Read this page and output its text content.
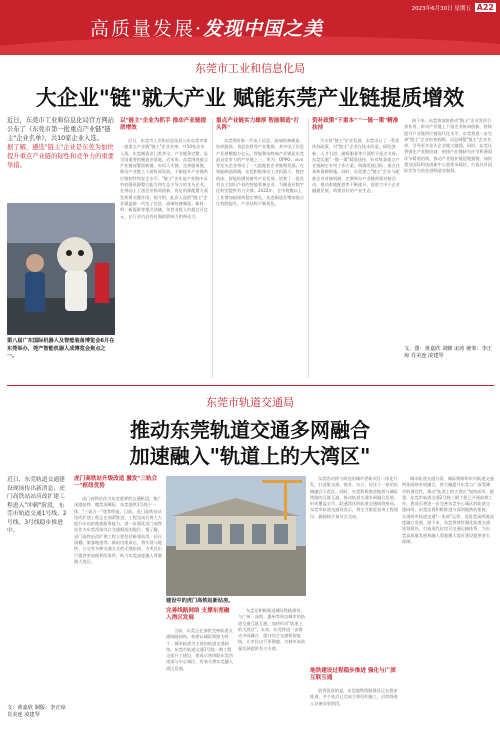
高质量发展·发现中国之美
2023年6月30日 星期五 A22
东莞市工业和信息化局
大企业"链"就大产业 赋能东莞产业链提质增效
近日，东莞市工业和信息化局官方网站公布了《东莞市第一批重点产业链"链主"企业名单》，共10家企业入选。
据了解，遴选"链主"企业是东莞为加快提升重点产业链的韧性和竞争力的重要举措。
第八届广东国际机器人及智能装备博览会6月在东莞举办，莞产智能机器人成博览会焦点之一。
以"链主"企业为抓手 推动产业链提质增效
近日，东莞市工业和信息化局公布东莞市第一批重点产业链"链主"企业名单，共10家企业入选。东莞制造业门类齐全、产业链条完整，是全国重要的制造业基地。近年来，东莞围绕重点产业链部署创新链、布局人才链、完善服务链，推动产业链上下游协同发展，不断提升产业链供应链韧性和安全水平。"链主"企业是产业链中具有较强资源整合能力和生态主导力的龙头企业，在带动上下游企业协同创新、优化资源配置方面发挥着关键作用。据介绍，此次入选的"链主"企业涵盖新一代电子信息、高端装备制造、新材料、新能源等重点领域，年营业收入均超过百亿元，在行业内具有较强的影响力和带动力。
重点产业链实力雄厚 智能制造"打头阵"
东莞拥有新一代电子信息、高端装备制造、纺织服装、食品饮料等产业集群，其中电子信息产业规模超万亿元。智能移动终端产业链是东莞最具竞争力的产业链之一，华为、OPPO、vivo等龙头企业带动了一大批配套企业集聚发展。在智能制造领域，东莞积极推动工业机器人、数控机床、智能检测装备等产业发展，培育了一批具有自主知识产权的智能装备企业，为制造业数字化转型提供有力支撑。2022年，全市规模以上工业增加值保持稳定增长，先进制造业增加值占比持续提升，产业结构不断优化。
资补政策"下重本" "一链一策"精准扶持
为支持"链主"企业发展，东莞出台了一系列扶持政策，对"链主"企业在技术改造、研发创新、人才引进、融资服务等方面给予重点支持。东莞实施"一链一策"精准扶持，针对每条重点产业链制定专项工作方案，明确发展目标、重点任务和保障措施。同时，东莞建立"链主"企业与配套企业对接机制，定期举办产业链供需对接活动，推动本地配套率不断提升，促进大中小企业融通发展，构建良好的产业生态。
接下来，东莞将加快推动"链主"企业发挥引领作用，带动产业链上下游企业协同创新，持续提升产业链供应链现代化水平。东莞将进一步完善"链主"企业培育机制，动态调整"链主"企业名单，引导更多龙头企业做大做强。同时，东莞还将强化产业链招商，围绕产业链缺失环节和薄弱环节精准招商，推动产业链补链延链强链，加快建设国际科技创新中心重要承载区，打造具有国际竞争力的先进制造业集群。
文、图：黄嘉欣 刘麒 宋涛 统筹：李正琼 肖美连 凌建琴
东莞市轨道交通局
推动东莞轨道交通多网融合
加速融入"轨道上的大湾区"
近日，东莞轨道交通建设现场传出新消息，虎门高铁站站房改扩建工程进入"冲刺"阶段，东莞市轨道交通1号线、2号线、3号线稳步推进中。
文：黄嘉欣 制版：李正琼 肖美连 凌建琴
虎门高铁站升级改造 激发"三轨合一"枢纽优势
虎门高铁站作为东莞重要的交通枢纽，集广深港高铁、穗莞深城际、东莞地铁1号线于一体，"三轨合一"优势明显。目前，虎门高铁站站房改扩建工程正在加紧推进，工程完成后将大大提升车站的旅客服务能力，进一步强化虎门高铁站作为东莞西部综合交通枢纽的地位。据了解，虎门高铁站改扩建工程主要包括新建站房、站台雨棚、旅客地道等。新站房建成后，将实现与地铁、公交等多种交通方式的无缝衔接，为市民出行提供更加便利的条件，助力东莞深度融入粤港澳大湾区。
建设中的虎门高铁站新站房。
完善线路网络 支撑东莞融入湾区发展
当前，东莞正在加快完善轨道交通线路网络，构建以城际铁路为骨干、城市轨道为主体的轨道交通网络。东莞市轨道交通1号线一期工程全线开工建设，建成后将串联东莞西南部与中心城区，有效支撑东莞融入湾区发展。
东莞还积极推进城际铁路建设，与广州、深圳、惠州等周边城市的轨道交通互联互通，加快形成"轨道上的大湾区"。未来，东莞将进一步推动多网融合，提升综合交通枢纽能级，让市民出行更便捷，为城市高质量发展提供有力支撑。
东莞西站将与周边的城市更新项目一体化开发，打造集交通、商业、办公、居住于一体的站城融合示范区。同时，东莞积极推进地铁与城际铁路的互联互通，推动轨道交通多网融合发展，形成覆盖全市、联通湾区的轨道交通网络格局。东莞市轨道交通局表示，将全力推进各项工程建设，确保按计划节点完成。
地铁建设过程稳步推进 强化与广深互联互通
值得留意的是，东莞地铁线路建设正在稳步推进，多个站点已完成主体结构施工，后续将进入设备安装阶段。
城市轨道交通方面，城际铁路和市内轨道交通两张网络有机融合，将大幅提升东莞与广深等城市的通达性，推动"轨道上的大湾区"加快成形。据悉，东莞市轨道交通2号线三期工程已开展前期工作，建成后将进一步完善东莞中心城区的轨道交通网络。东莞还将积极推进与深圳地铁的衔接，实现两市轨道交通"一张网"运营，促进莞深两地深度融合发展。接下来，东莞将持续强化轨道交通规划建设，打造现代化综合交通运输体系，为东莞高质量发展和融入粤港澳大湾区建设提供坚实保障。
